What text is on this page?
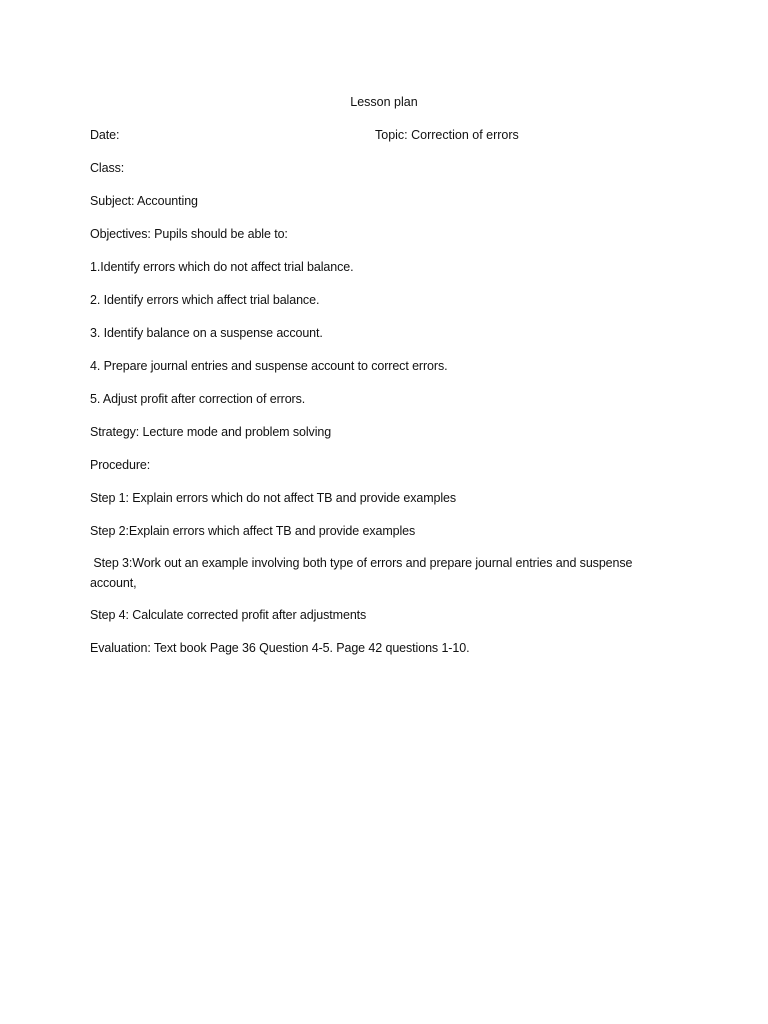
Lesson plan
Date:	Topic: Correction of errors
Class:
Subject: Accounting
Objectives: Pupils should be able to:
1.Identify errors which do not affect trial balance.
2. Identify errors which affect trial balance.
3. Identify balance on a suspense account.
4. Prepare journal entries and suspense account to correct errors.
5. Adjust profit after correction of errors.
Strategy: Lecture mode and problem solving
Procedure:
Step 1: Explain errors which do not affect TB and provide examples
Step 2:Explain errors which affect TB and provide examples
Step 3:Work out an example involving both type of errors and prepare journal entries and suspense account,
Step 4: Calculate corrected profit after adjustments
Evaluation: Text book Page 36 Question 4-5. Page 42 questions 1-10.
